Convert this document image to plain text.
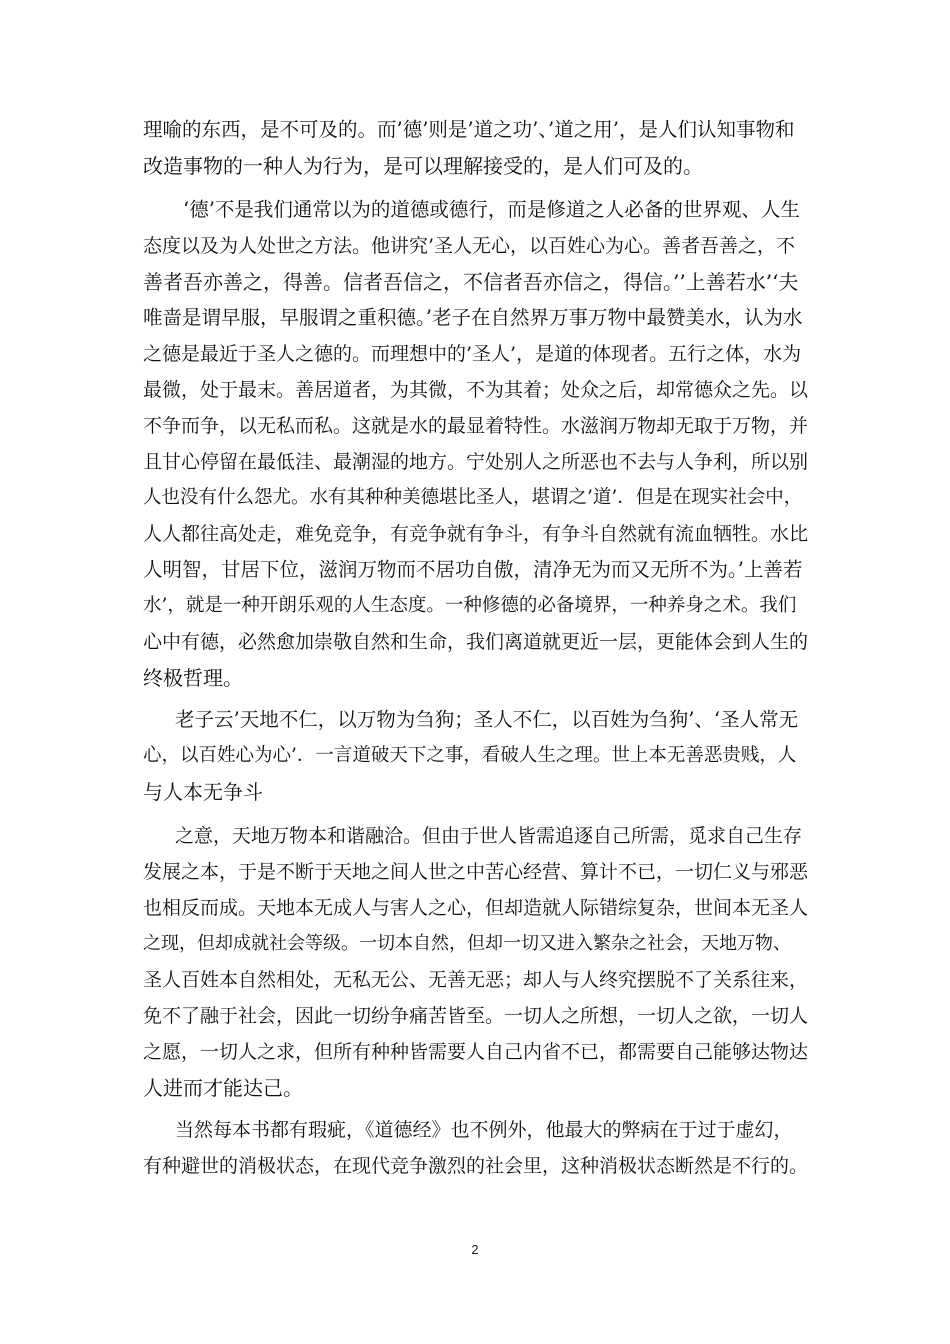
理喻的东西，是不可及的。而’德’则是’道之功’、’道之用’，是人们认知事物和
改造事物的一种人为行为，是可以理解接受的，是人们可及的。
‘德’不是我们通常以为的道德或德行，而是修道之人必备的世界观、人生
态度以及为人处世之方法。他讲究’圣人无心，以百姓心为心。善者吾善之，不
善者吾亦善之，得善。信者吾信之，不信者吾亦信之，得信。’’上善若水’‘夫
唯啬是谓早服，早服谓之重积德。’老子在自然界万事万物中最赞美水，认为水
之德是最近于圣人之德的。而理想中的’圣人’，是道的体现者。五行之体，水为
最微，处于最末。善居道者，为其微，不为其着；处众之后，却常德众之先。以
不争而争，以无私而私。这就是水的最显着特性。水滋润万物却无取于万物，并
且甘心停留在最低洼、最潮湿的地方。宁处别人之所恶也不去与人争利，所以别
人也没有什么怨尤。水有其种种美德堪比圣人，堪谓之’道’．但是在现实社会中，
人人都往高处走，难免竞争，有竞争就有争斗，有争斗自然就有流血牺牲。水比
人明智，甘居下位，滋润万物而不居功自傲，清净无为而又无所不为。’上善若
水’，就是一种开朗乐观的人生态度。一种修德的必备境界，一种养身之术。我们
心中有德，必然愈加崇敬自然和生命，我们离道就更近一层，更能体会到人生的
终极哲理。
老子云’天地不仁，以万物为刍狗；圣人不仁，以百姓为刍狗’、‘圣人常无
心，以百姓心为心’．一言道破天下之事，看破人生之理。世上本无善恶贵贱，人
与人本无争斗
之意，天地万物本和谐融洽。但由于世人皆需追逐自己所需，觅求自己生存
发展之本，于是不断于天地之间人世之中苦心经营、算计不已，一切仁义与邪恶
也相反而成。天地本无成人与害人之心，但却造就人际错综复杂，世间本无圣人
之现，但却成就社会等级。一切本自然，但却一切又进入繁杂之社会，天地万物、
圣人百姓本自然相处，无私无公、无善无恶；却人与人终究摆脱不了关系往来，
免不了融于社会，因此一切纷争痛苦皆至。一切人之所想，一切人之欲，一切人
之愿，一切人之求，但所有种种皆需要人自己内省不已，都需要自己能够达物达
人进而才能达己。
当然每本书都有瑕疵，《道德经》也不例外，他最大的弊病在于过于虚幻，
有种避世的消极状态，在现代竞争激烈的社会里，这种消极状态断然是不行的。
2
